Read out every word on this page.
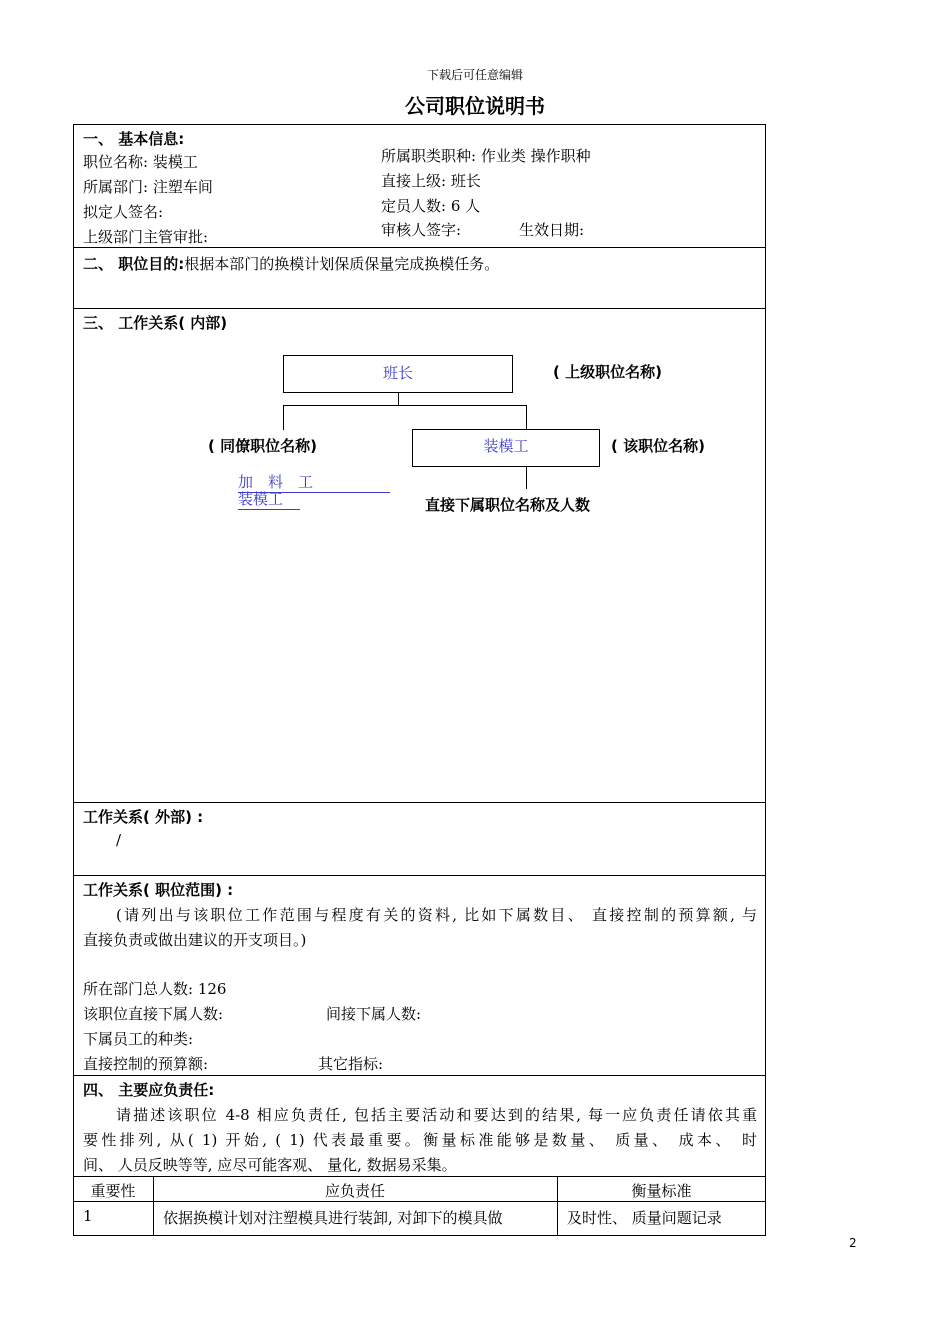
下载后可任意编辑
公司职位说明书
一、 基本信息:
职位名称: 装模工
所属部门: 注塑车间
拟定人签名:
上级部门主管审批:
所属职类职种: 作业类 操作职种
直接上级: 班长
定员人数: 6 人
审核人签字:	生效日期:
二、 职位目的:根据本部门的换模计划保质保量完成换模任务。
三、 工作关系( 内部)
班长	( 上级职位名称)
( 同僚职位名称)	装模工	( 该职位名称)
加　料　工
装模工	直接下属职位名称及人数
工作关系( 外部) :
/
工作关系( 职位范围) :
(请列出与该职位工作范围与程度有关的资料, 比如下属数目、 直接控制的预算额, 与
直接负责或做出建议的开支项目。)
所在部门总人数: 126
该职位直接下属人数:	间接下属人数:
下属员工的种类:
直接控制的预算额:	其它指标:
四、 主要应负责任:
请描述该职位 4-8 相应负责任, 包括主要活动和要达到的结果, 每一应负责任请依其重
要性排列, 从( 1) 开始, ( 1) 代表最重要。衡量标准能够是数量、 质量、 成本、 时
间、 人员反映等等, 应尽可能客观、 量化, 数据易采集。
重要性	应负责任	衡量标准
1	依据换模计划对注塑模具进行装卸, 对卸下的模具做	及时性、 质量问题记录
2
